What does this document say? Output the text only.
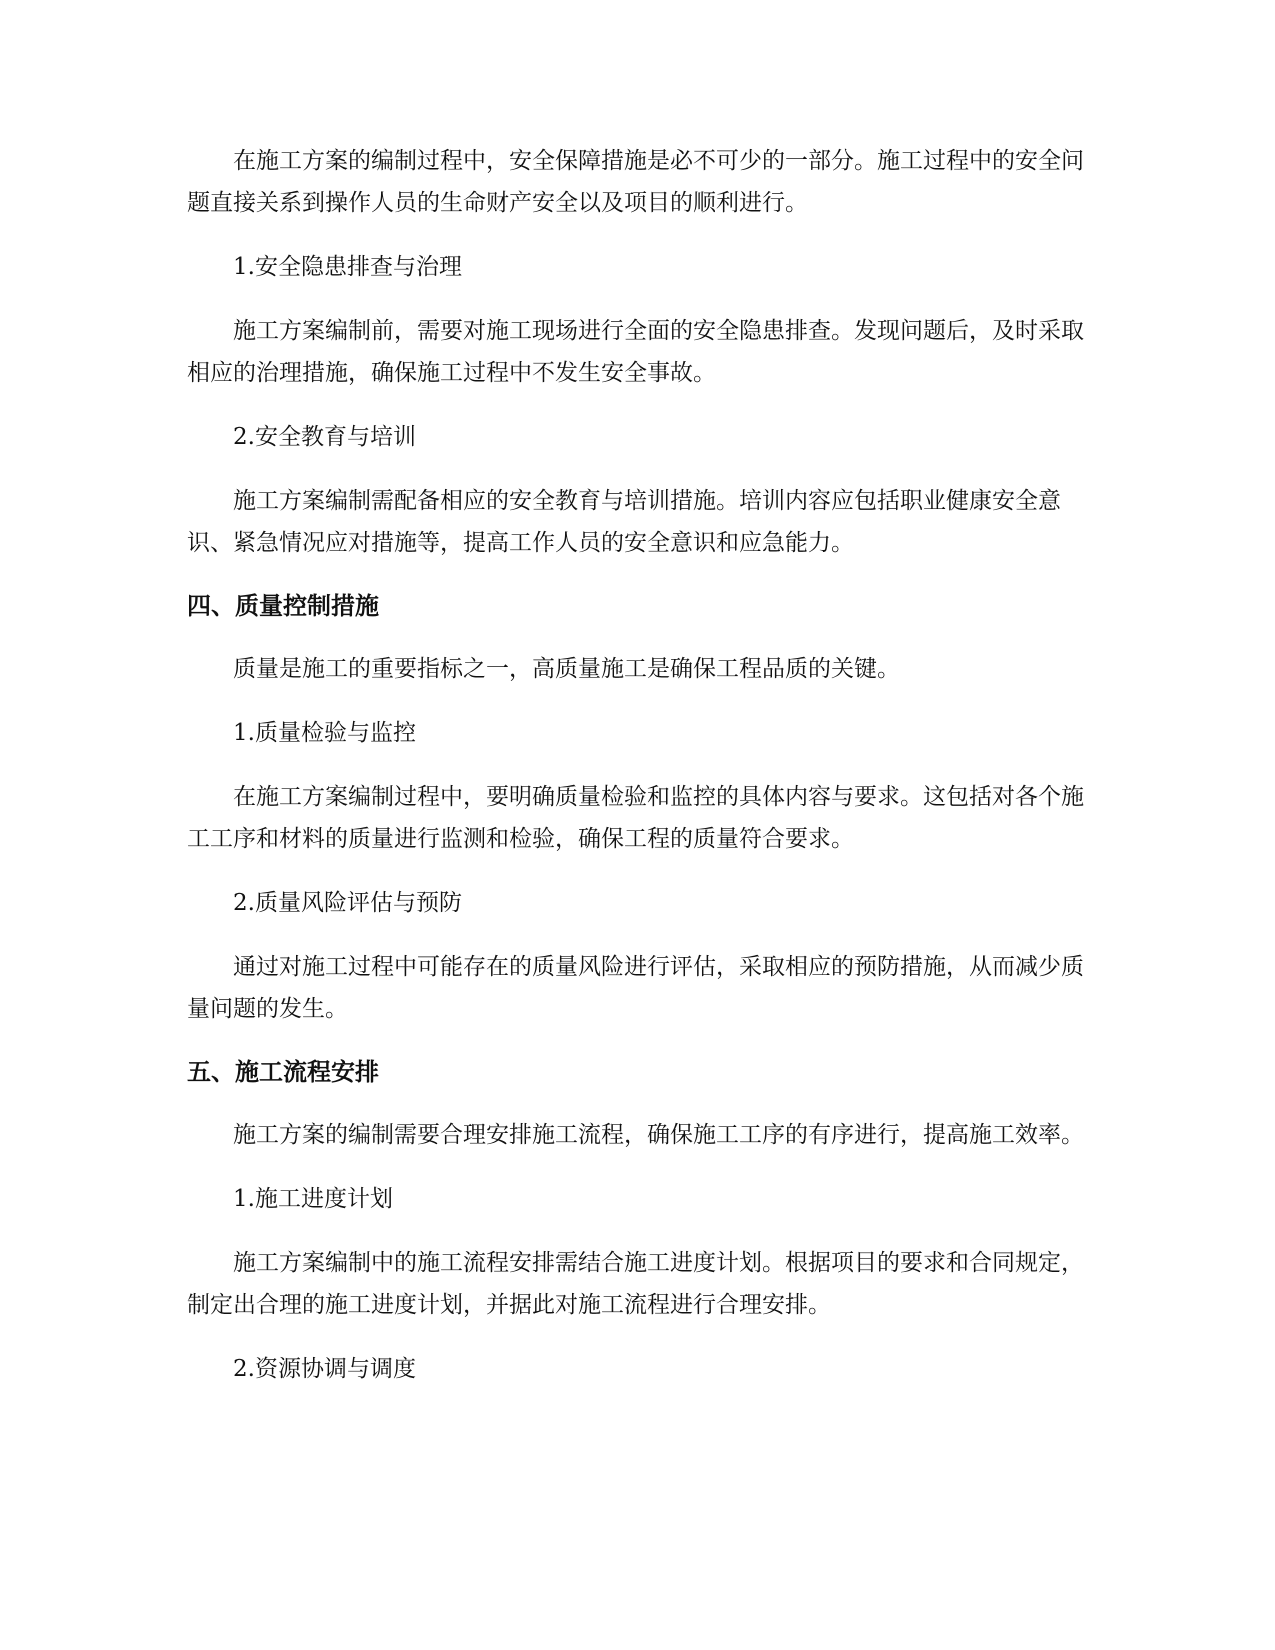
在施工方案的编制过程中，安全保障措施是必不可少的一部分。施工过程中的安全问题直接关系到操作人员的生命财产安全以及项目的顺利进行。

1.安全隐患排查与治理

施工方案编制前，需要对施工现场进行全面的安全隐患排查。发现问题后，及时采取相应的治理措施，确保施工过程中不发生安全事故。

2.安全教育与培训

施工方案编制需配备相应的安全教育与培训措施。培训内容应包括职业健康安全意识、紧急情况应对措施等，提高工作人员的安全意识和应急能力。

四、质量控制措施

质量是施工的重要指标之一，高质量施工是确保工程品质的关键。

1.质量检验与监控

在施工方案编制过程中，要明确质量检验和监控的具体内容与要求。这包括对各个施工工序和材料的质量进行监测和检验，确保工程的质量符合要求。

2.质量风险评估与预防

通过对施工过程中可能存在的质量风险进行评估，采取相应的预防措施，从而减少质量问题的发生。

五、施工流程安排

施工方案的编制需要合理安排施工流程，确保施工工序的有序进行，提高施工效率。

1.施工进度计划

施工方案编制中的施工流程安排需结合施工进度计划。根据项目的要求和合同规定，制定出合理的施工进度计划，并据此对施工流程进行合理安排。

2.资源协调与调度
